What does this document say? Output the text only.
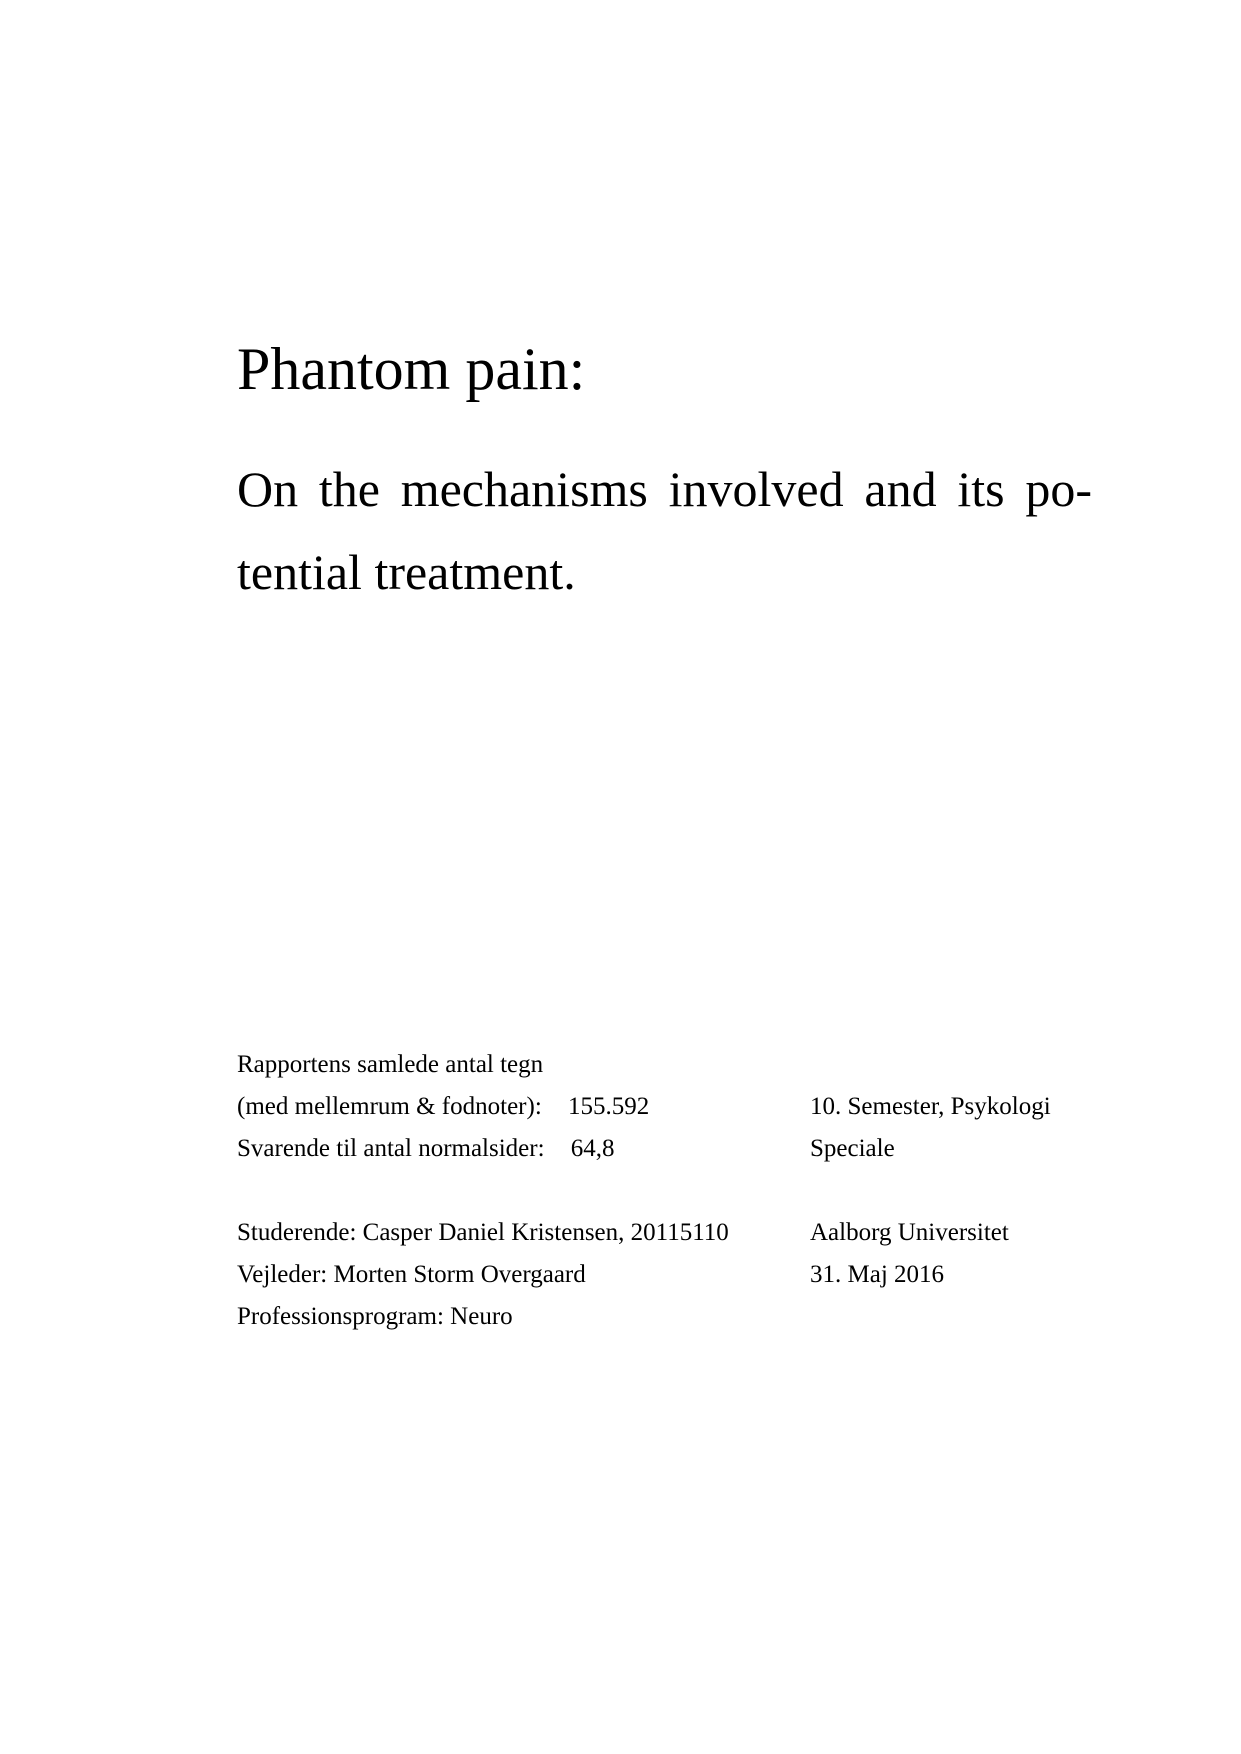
Phantom pain:
On the mechanisms involved and its po-
tential treatment.
Rapportens samlede antal tegn
(med mellemrum & fodnoter): 155.592
Svarende til antal normalsider: 64,8
Studerende: Casper Daniel Kristensen, 20115110
Vejleder: Morten Storm Overgaard
Professionsprogram: Neuro
10. Semester, Psykologi
Speciale
Aalborg Universitet
31. Maj 2016
